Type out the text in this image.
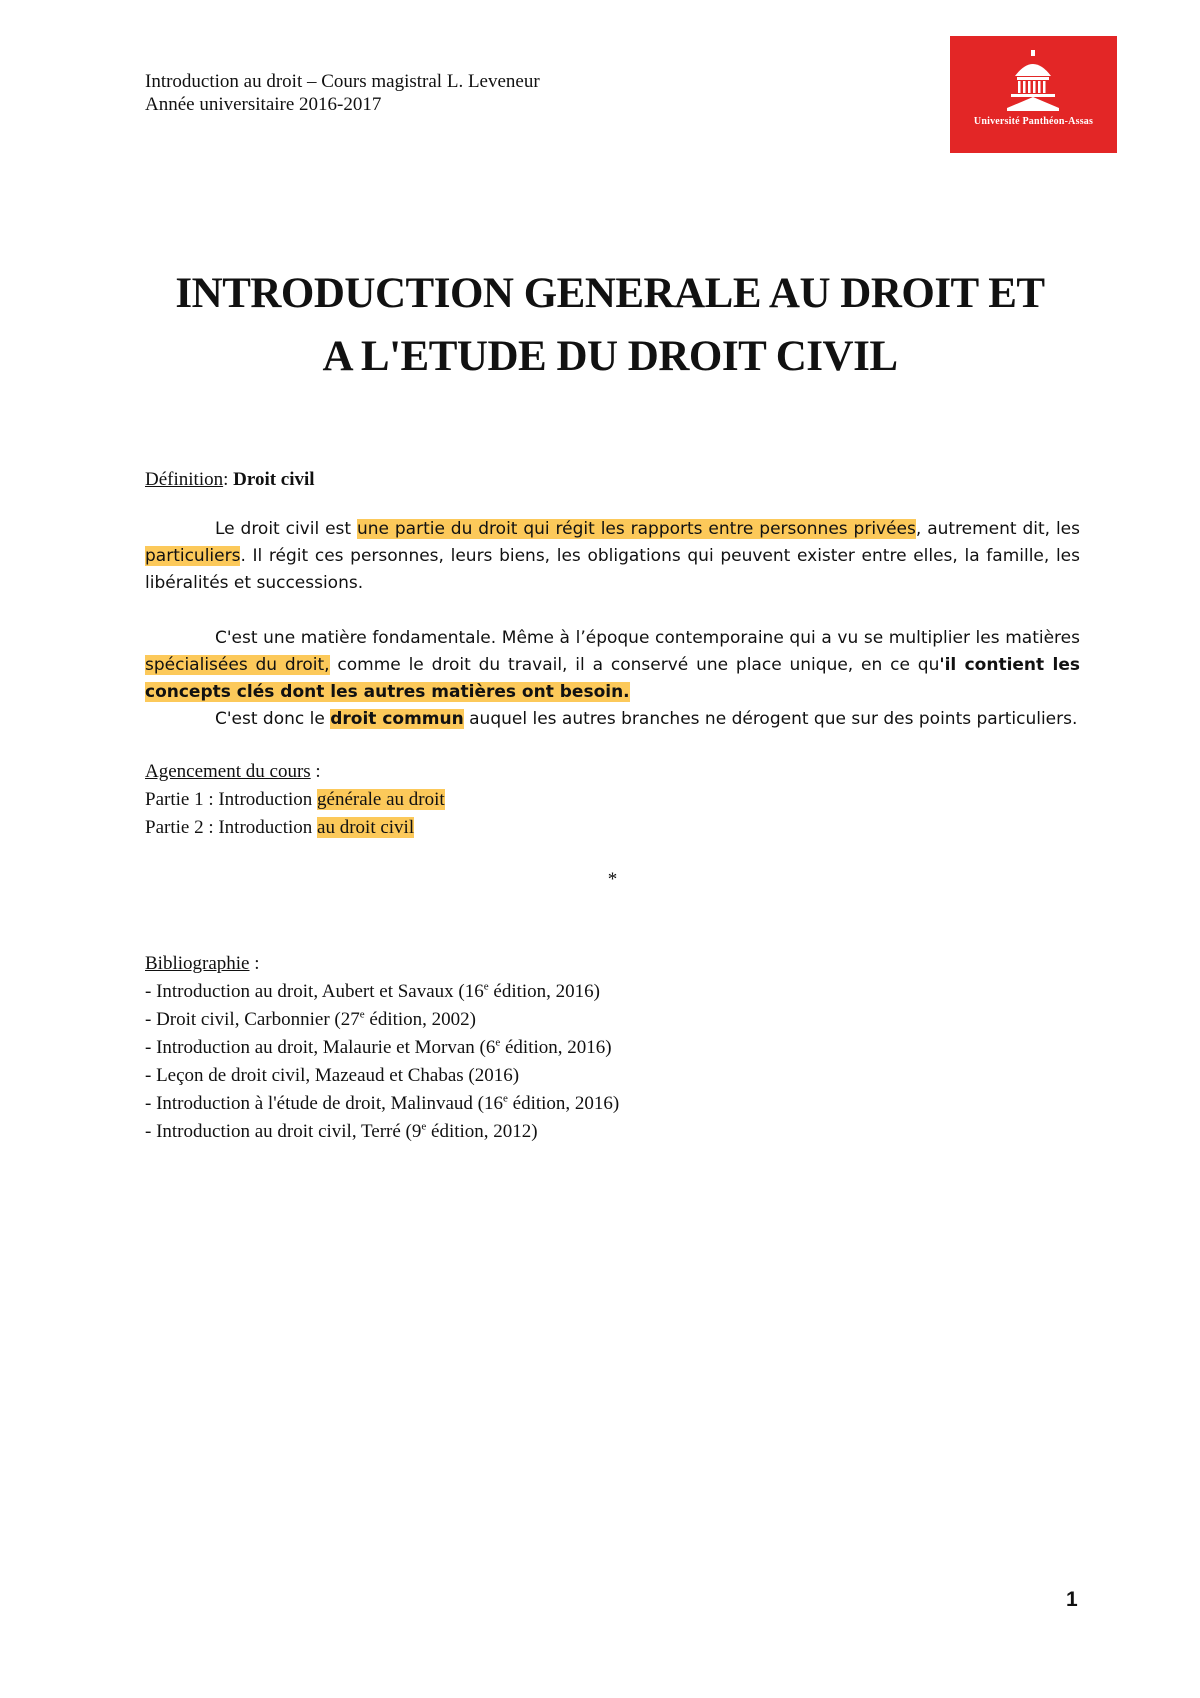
Introduction au droit – Cours magistral L. Leveneur
Année universitaire 2016-2017
Université Panthéon-Assas
INTRODUCTION GENERALE AU DROIT ET
A L'ETUDE DU DROIT CIVIL

Définition: Droit civil

Le droit civil est une partie du droit qui régit les rapports entre personnes privées, autrement dit, les particuliers. Il régit ces personnes, leurs biens, les obligations qui peuvent exister entre elles, la famille, les libéralités et successions.

C'est une matière fondamentale. Même à l’époque contemporaine qui a vu se multiplier les matières spécialisées du droit, comme le droit du travail, il a conservé une place unique, en ce qu'il contient les concepts clés dont les autres matières ont besoin.

C'est donc le droit commun auquel les autres branches ne dérogent que sur des points particuliers.

Agencement du cours :
Partie 1 : Introduction générale au droit
Partie 2 : Introduction au droit civil
*
Bibliographie :
- Introduction au droit, Aubert et Savaux (16e édition, 2016)
- Droit civil, Carbonnier (27e édition, 2002)
- Introduction au droit, Malaurie et Morvan (6e édition, 2016)
- Leçon de droit civil, Mazeaud et Chabas (2016)
- Introduction à l'étude de droit, Malinvaud (16e édition, 2016)
- Introduction au droit civil, Terré (9e édition, 2012)
1
